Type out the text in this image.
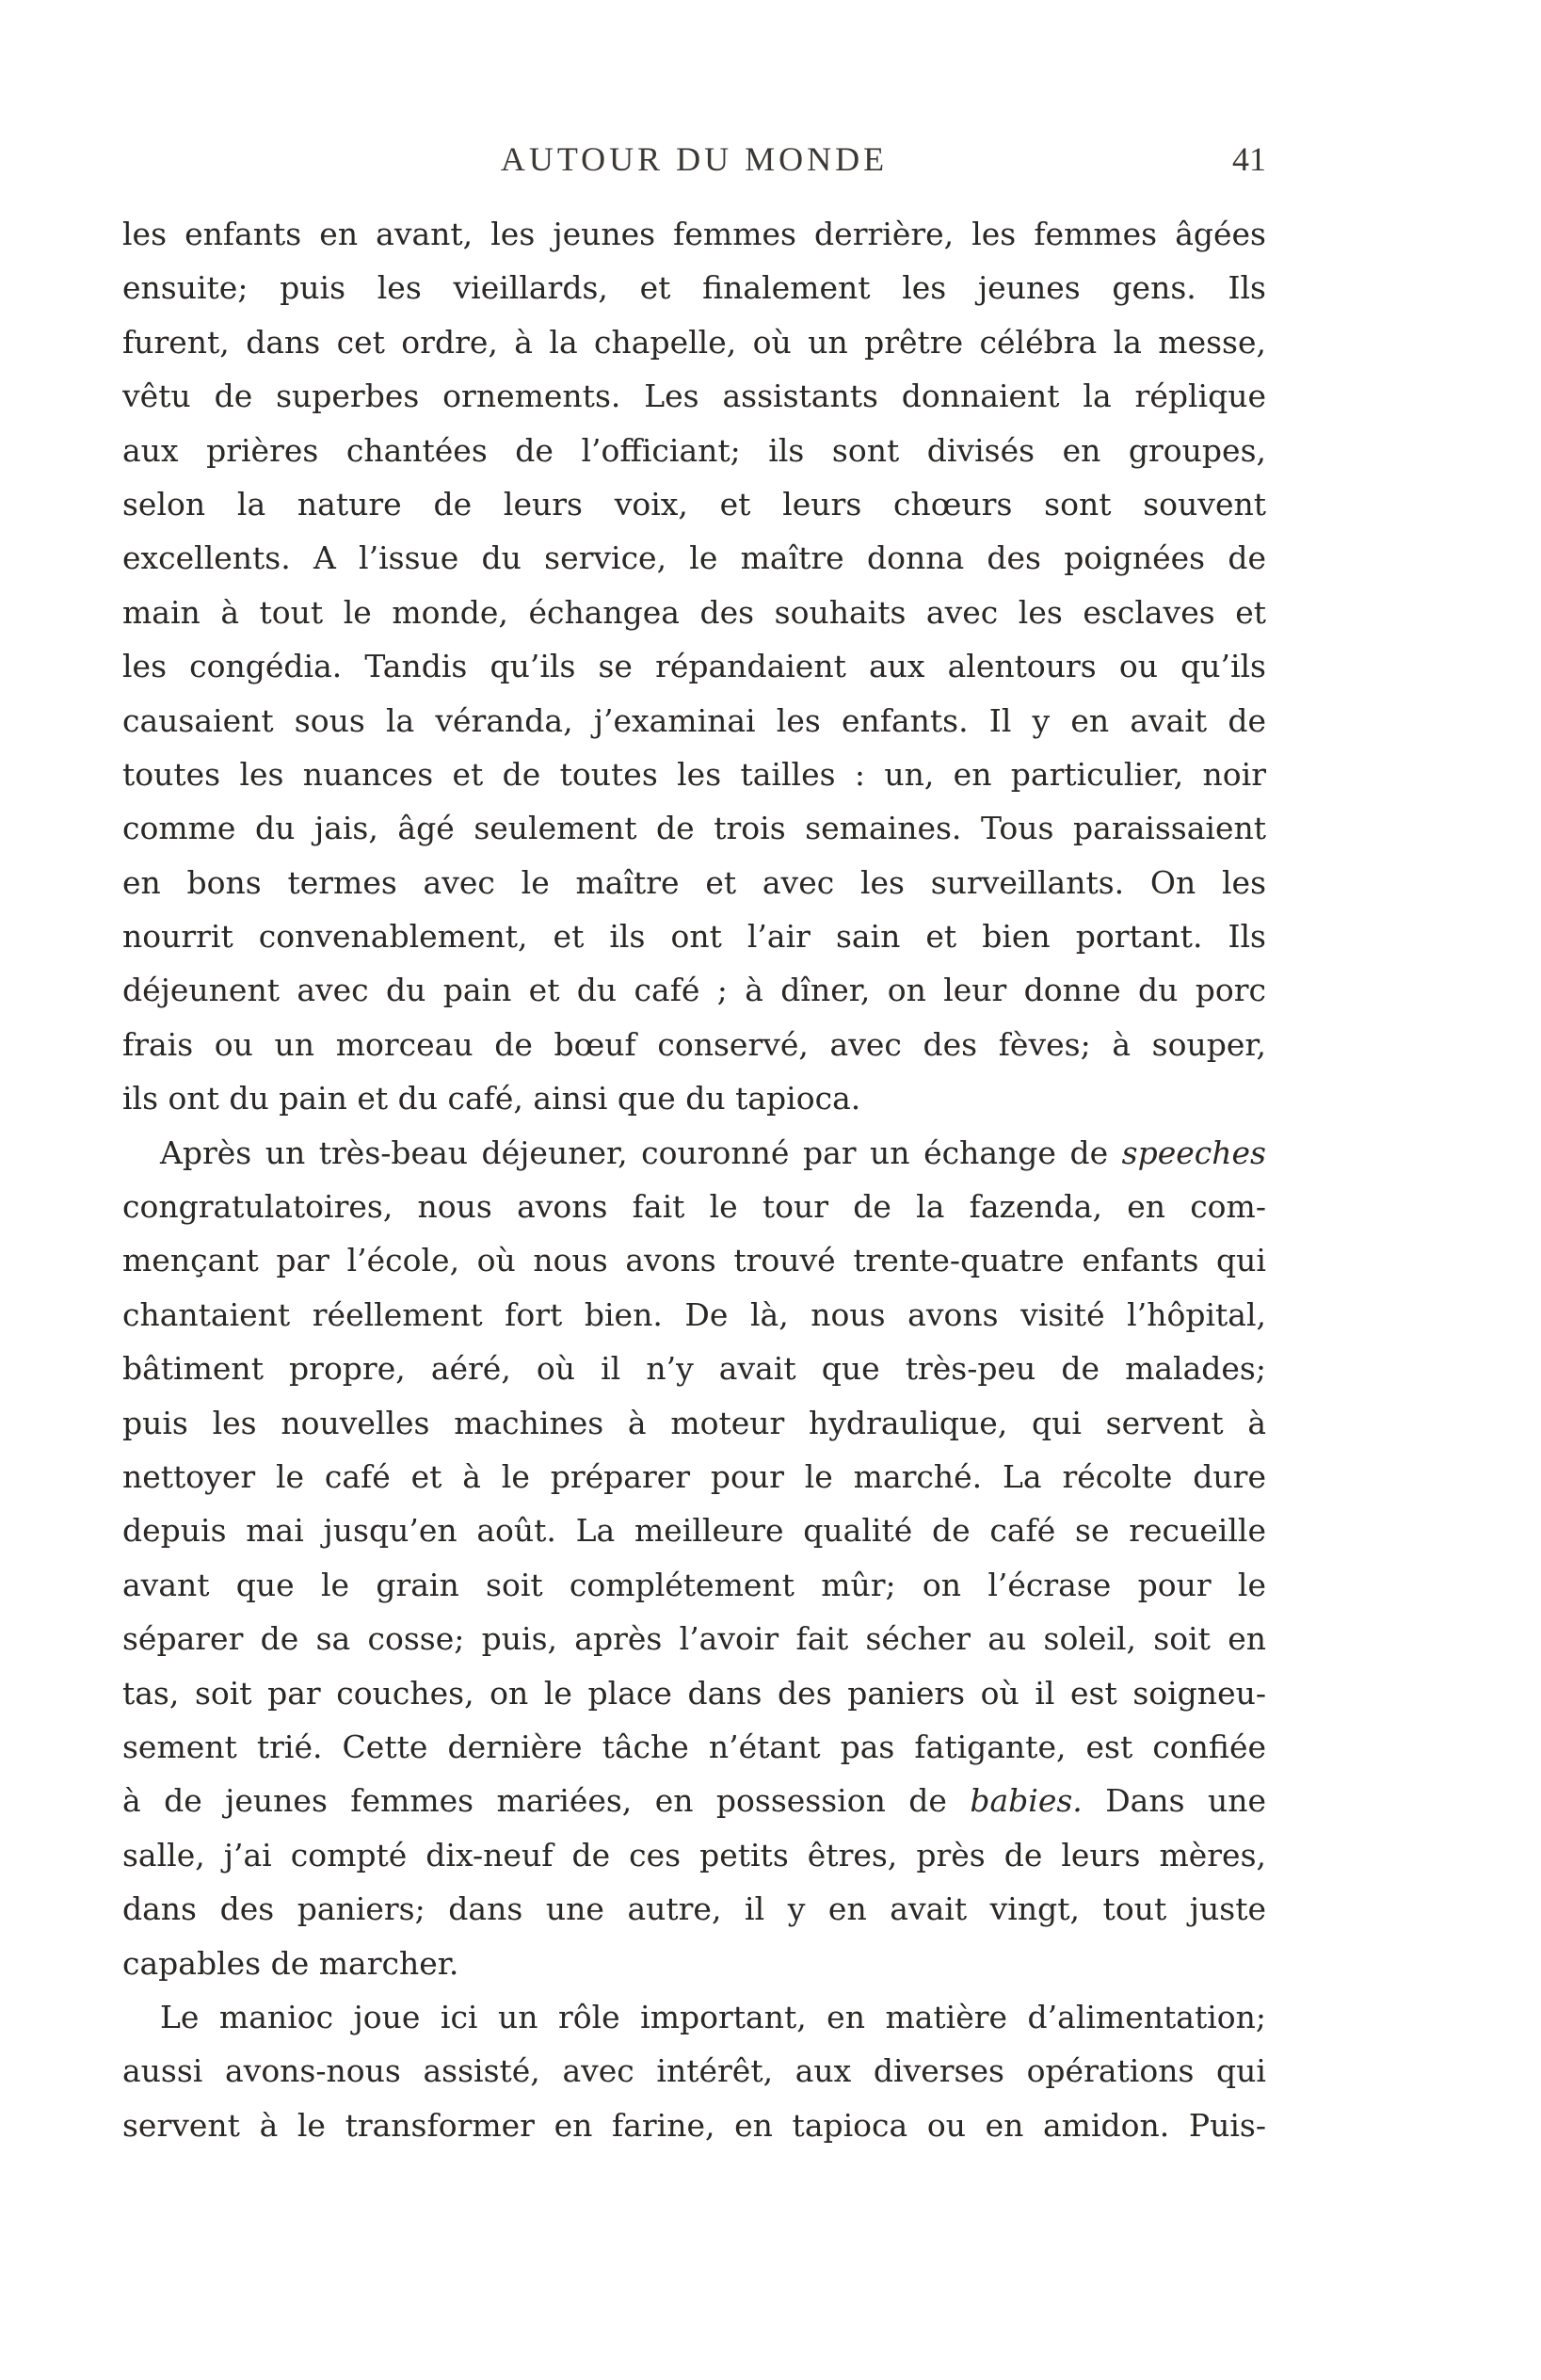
AUTOUR DU MONDE	41
les enfants en avant, les jeunes femmes derrière, les femmes âgées
ensuite; puis les vieillards, et finalement les jeunes gens. Ils
furent, dans cet ordre, à la chapelle, où un prêtre célébra la messe,
vêtu de superbes ornements. Les assistants donnaient la réplique
aux prières chantées de l’officiant; ils sont divisés en groupes,
selon la nature de leurs voix, et leurs chœurs sont souvent
excellents. A l’issue du service, le maître donna des poignées de
main à tout le monde, échangea des souhaits avec les esclaves et
les congédia. Tandis qu’ils se répandaient aux alentours ou qu’ils
causaient sous la véranda, j’examinai les enfants. Il y en avait de
toutes les nuances et de toutes les tailles : un, en particulier, noir
comme du jais, âgé seulement de trois semaines. Tous paraissaient
en bons termes avec le maître et avec les surveillants. On les
nourrit convenablement, et ils ont l’air sain et bien portant. Ils
déjeunent avec du pain et du café ; à dîner, on leur donne du porc
frais ou un morceau de bœuf conservé, avec des fèves; à souper,
ils ont du pain et du café, ainsi que du tapioca.
Après un très-beau déjeuner, couronné par un échange de speeches
congratulatoires, nous avons fait le tour de la fazenda, en com-
mençant par l’école, où nous avons trouvé trente-quatre enfants qui
chantaient réellement fort bien. De là, nous avons visité l’hôpital,
bâtiment propre, aéré, où il n’y avait que très-peu de malades;
puis les nouvelles machines à moteur hydraulique, qui servent à
nettoyer le café et à le préparer pour le marché. La récolte dure
depuis mai jusqu’en août. La meilleure qualité de café se recueille
avant que le grain soit complétement mûr; on l’écrase pour le
séparer de sa cosse; puis, après l’avoir fait sécher au soleil, soit en
tas, soit par couches, on le place dans des paniers où il est soigneu-
sement trié. Cette dernière tâche n’étant pas fatigante, est confiée
à de jeunes femmes mariées, en possession de babies. Dans une
salle, j’ai compté dix-neuf de ces petits êtres, près de leurs mères,
dans des paniers; dans une autre, il y en avait vingt, tout juste
capables de marcher.
Le manioc joue ici un rôle important, en matière d’alimentation;
aussi avons-nous assisté, avec intérêt, aux diverses opérations qui
servent à le transformer en farine, en tapioca ou en amidon. Puis-
